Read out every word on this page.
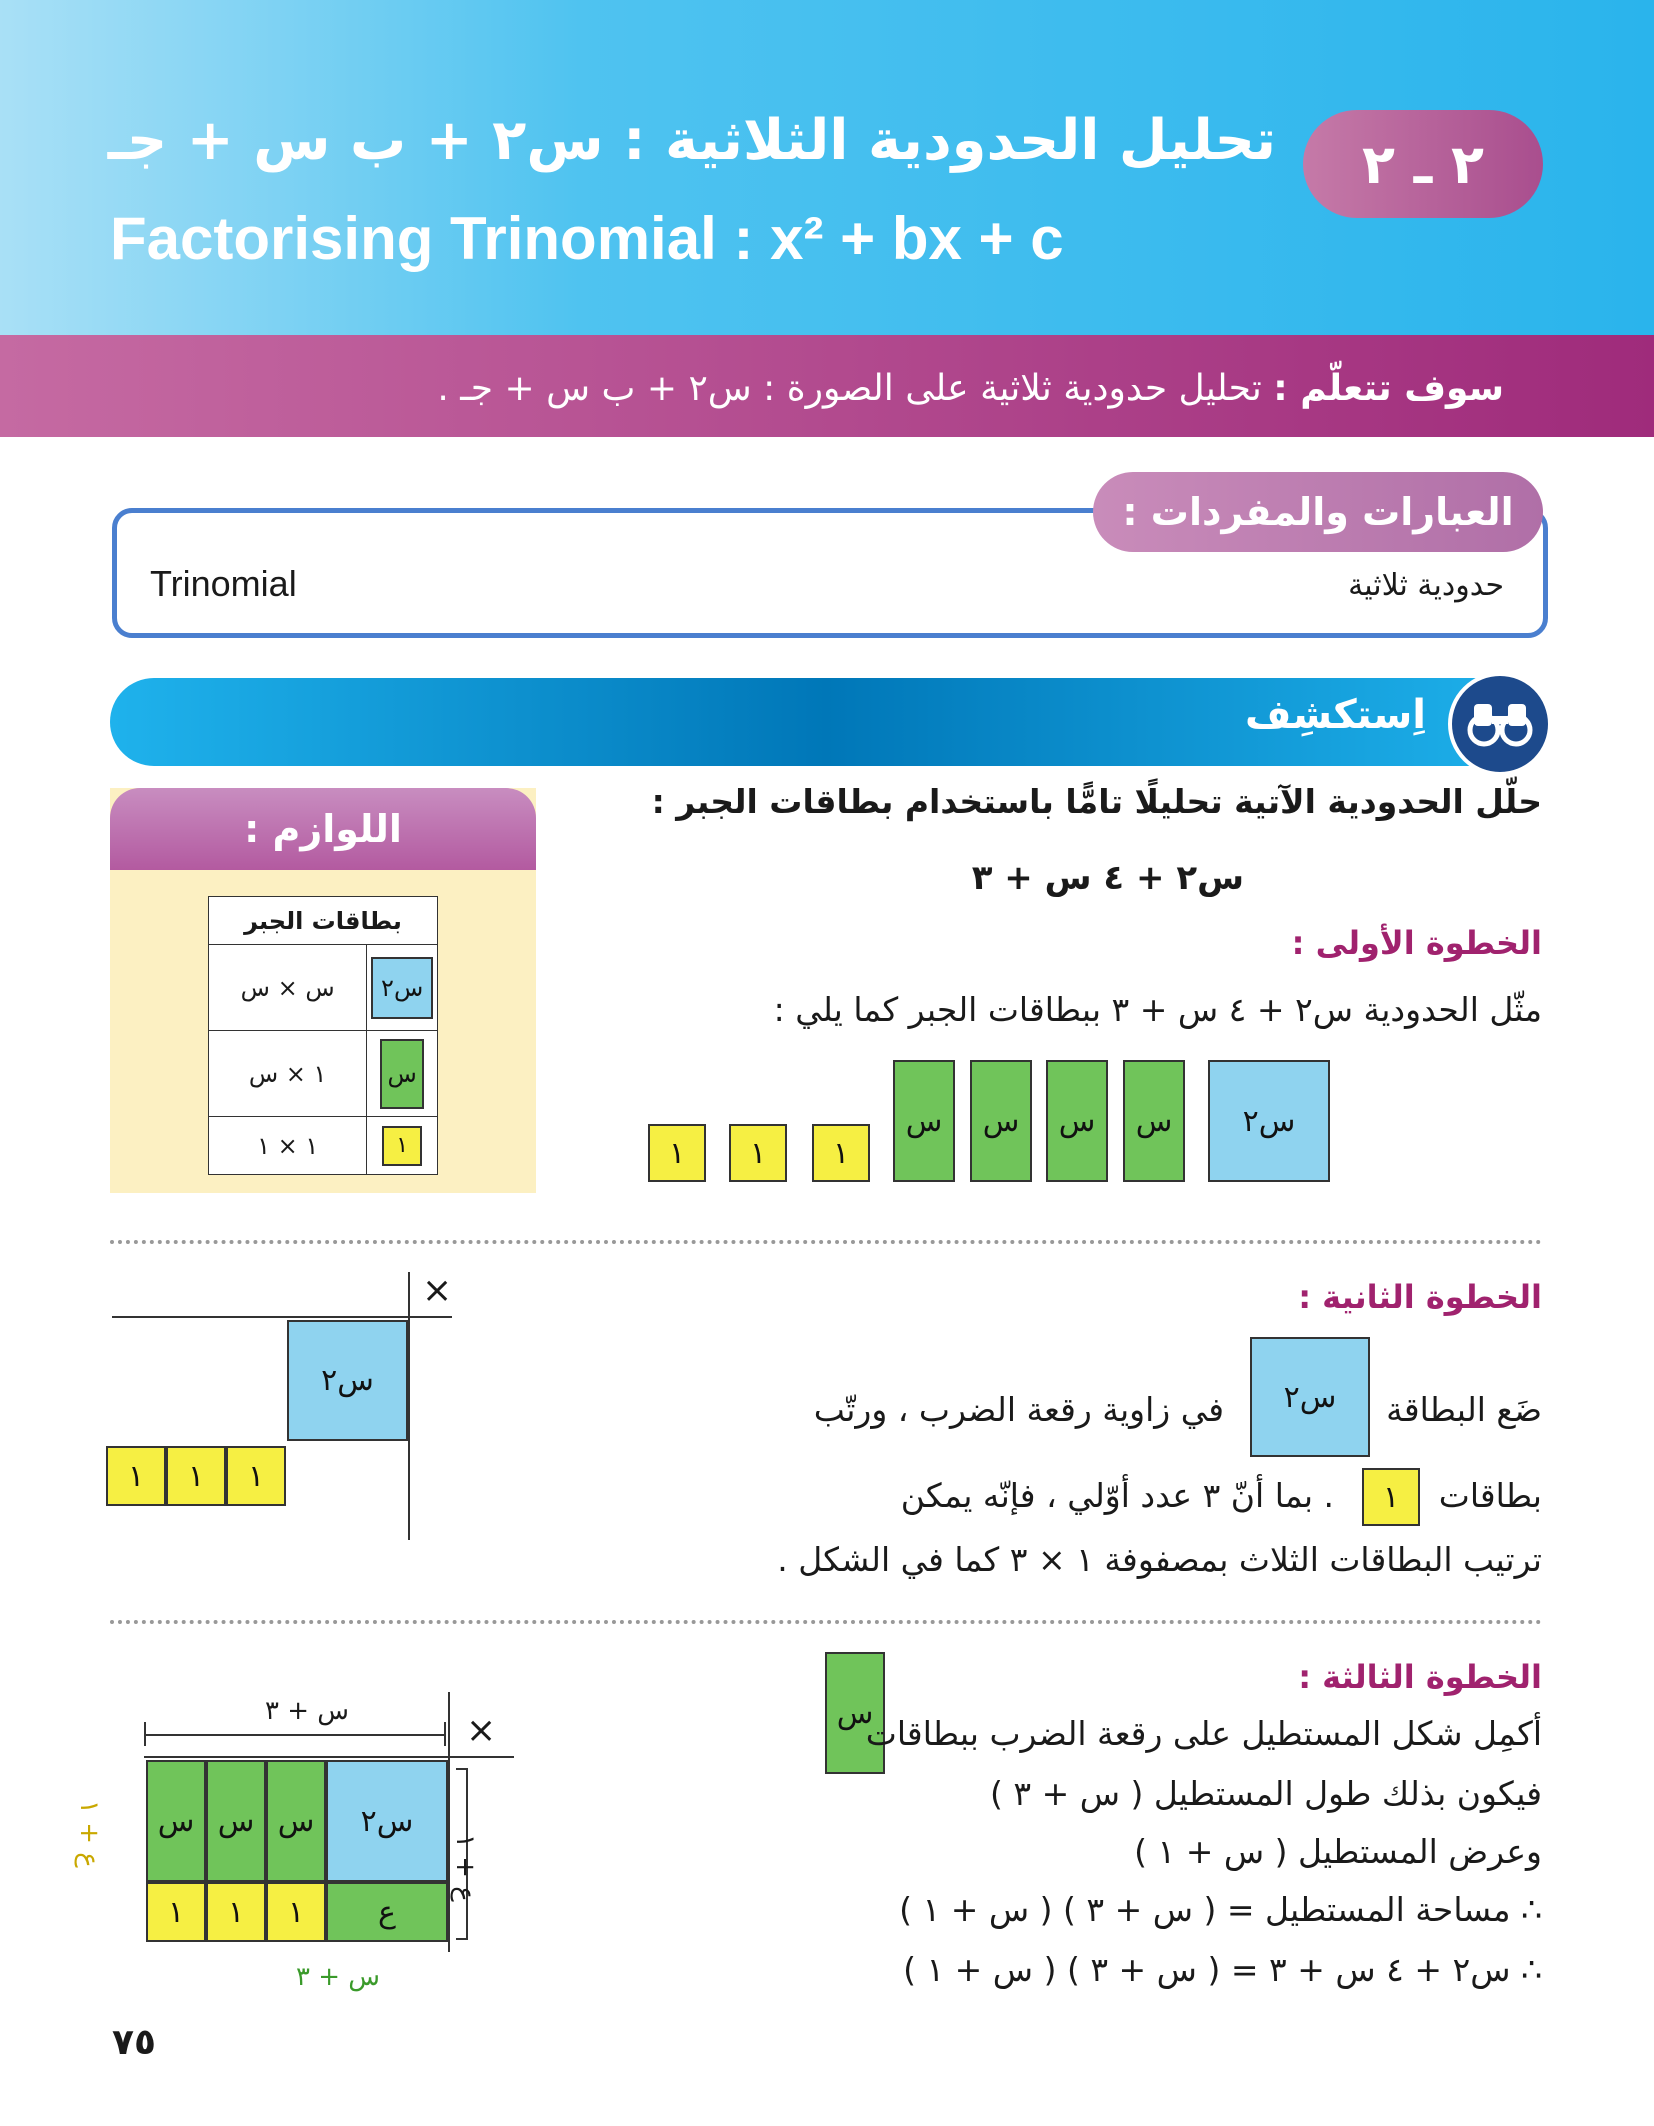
تحليل الحدودية الثلاثية : س٢ + ب س + جـ
Factorising Trinomial : x² + bx + c
٢ ـ ٢
سوف تتعلّم : تحليل حدودية ثلاثية على الصورة : س٢ + ب س + جـ .
العبارات والمفردات :
Trinomial	حدودية ثلاثية
اِستكشِف
اللوازم :
بطاقات الجبر	
س × س	س٢

١ × س	س

١ × ١	١
حلّل الحدودية الآتية تحليلًا تامًّا باستخدام بطاقات الجبر :
س٢ + ٤ س + ٣
الخطوة الأولى :
مثّل الحدودية س٢ + ٤ س + ٣ ببطاقات الجبر كما يلي :
س٢
س
س
س
س
١
١
١
الخطوة الثانية :
ضَع البطاقة
س٢
في زاوية رقعة الضرب ، ورتّب
بطاقات
١
. بما أنّ ٣ عدد أوّلي ، فإنّه يمكن
ترتيب البطاقات الثلاث بمصفوفة ١ × ٣ كما في الشكل .
×
س٢
١	١	١
الخطوة الثالثة :
س
أكمِل شكل المستطيل على رقعة الضرب ببطاقات
فيكون بذلك طول المستطيل ( س + ٣ )
وعرض المستطيل ( س + ١ )
∴ مساحة المستطيل = ( س + ٣ ) ( س + ١ )
∴ س٢ + ٤ س + ٣ = ( س + ٣ ) ( س + ١ )
س + ٣	×
س٢
س
س
س
ع
١
١
١
ع + ١
ع + ١
س + ٣
٧٥
